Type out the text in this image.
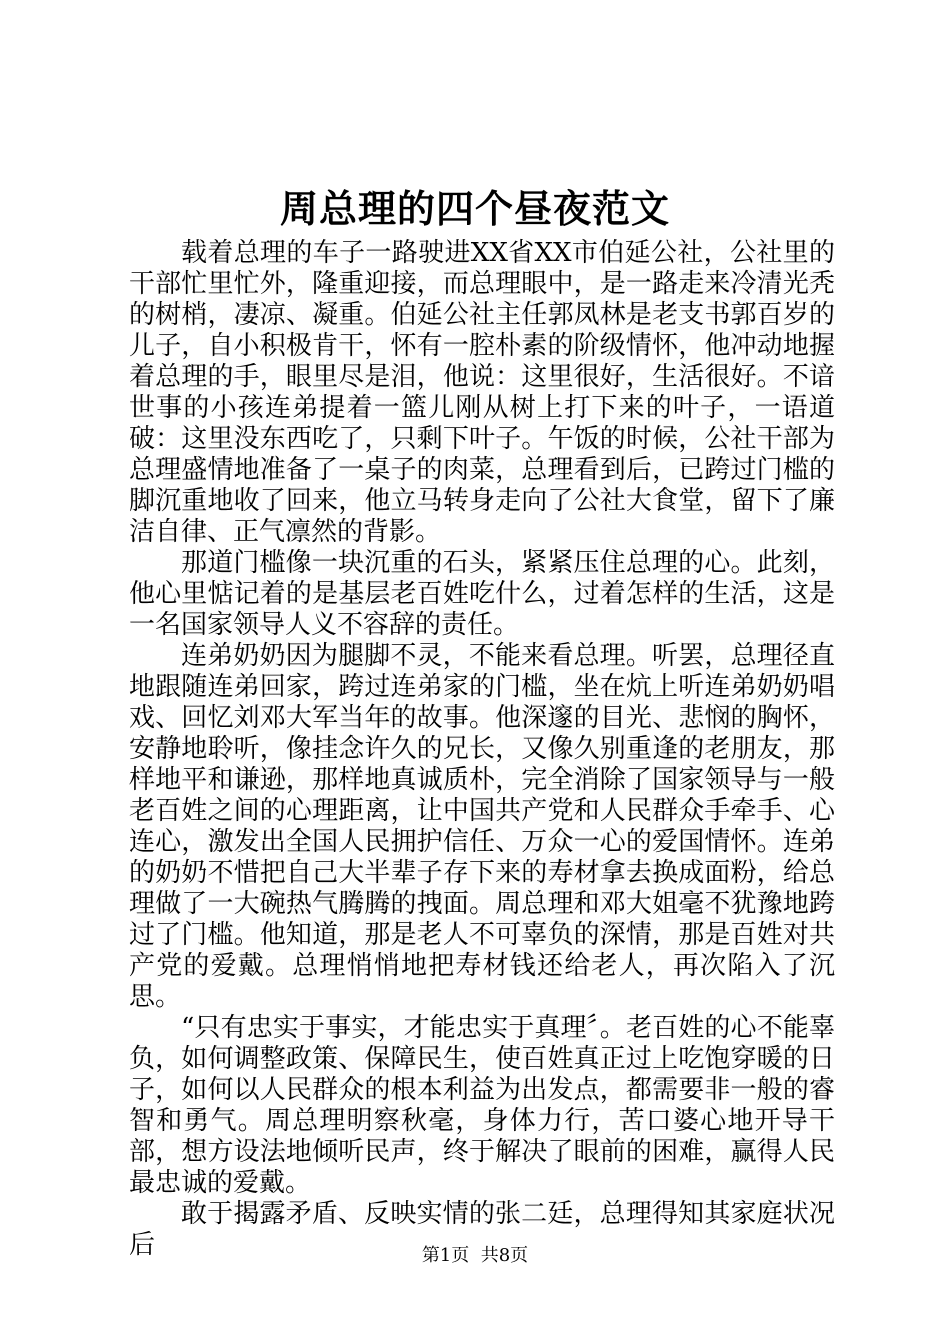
周总理的四个昼夜范文

载着总理的车子一路驶进XX省XX市伯延公社，公社里的干部忙里忙外，隆重迎接，而总理眼中，是一路走来冷清光秃的树梢，凄凉、凝重。伯延公社主任郭凤林是老支书郭百岁的儿子，自小积极肯干，怀有一腔朴素的阶级情怀，他冲动地握着总理的手，眼里尽是泪，他说：这里很好，生活很好。不谙世事的小孩连弟提着一篮儿刚从树上打下来的叶子，一语道破：这里没东西吃了，只剩下叶子。午饭的时候，公社干部为总理盛情地准备了一桌子的肉菜，总理看到后，已跨过门槛的脚沉重地收了回来，他立马转身走向了公社大食堂，留下了廉洁自律、正气凛然的背影。

那道门槛像一块沉重的石头，紧紧压住总理的心。此刻，他心里惦记着的是基层老百姓吃什么，过着怎样的生活，这是一名国家领导人义不容辞的责任。

连弟奶奶因为腿脚不灵，不能来看总理。听罢，总理径直地跟随连弟回家，跨过连弟家的门槛，坐在炕上听连弟奶奶唱戏、回忆刘邓大军当年的故事。他深邃的目光、悲悯的胸怀，安静地聆听，像挂念许久的兄长，又像久别重逢的老朋友，那样地平和谦逊，那样地真诚质朴，完全消除了国家领导与一般老百姓之间的心理距离，让中国共产党和人民群众手牵手、心连心，激发出全国人民拥护信任、万众一心的爱国情怀。连弟的奶奶不惜把自己大半辈子存下来的寿材拿去换成面粉，给总理做了一大碗热气腾腾的拽面。周总理和邓大姐毫不犹豫地跨过了门槛。他知道，那是老人不可辜负的深情，那是百姓对共产党的爱戴。总理悄悄地把寿材钱还给老人，再次陷入了沉思。

“只有忠实于事实，才能忠实于真理〞。老百姓的心不能辜负，如何调整政策、保障民生，使百姓真正过上吃饱穿暖的日子，如何以人民群众的根本利益为出发点，都需要非一般的睿智和勇气。周总理明察秋毫，身体力行，苦口婆心地开导干部，想方设法地倾听民声，终于解决了眼前的困难，赢得人民最忠诚的爱戴。

敢于揭露矛盾、反映实情的张二廷，总理得知其家庭状况后	第1页 共8页
